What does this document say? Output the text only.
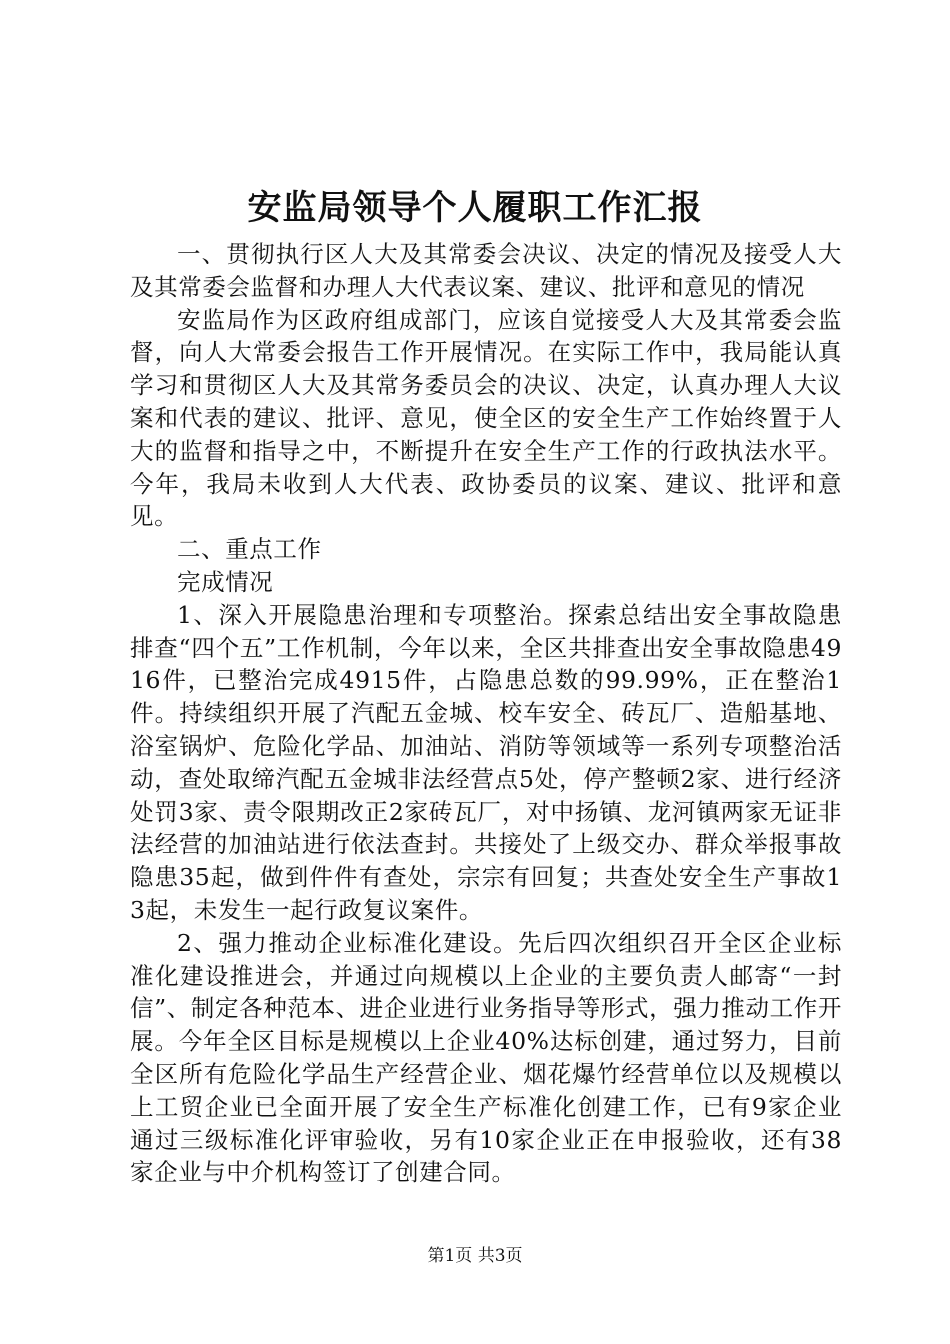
安监局领导个人履职工作汇报

一、贯彻执行区人大及其常委会决议、决定的情况及接受人大及其常委会监督和办理人大代表议案、建议、批评和意见的情况

安监局作为区政府组成部门，应该自觉接受人大及其常委会监督，向人大常委会报告工作开展情况。在实际工作中，我局能认真学习和贯彻区人大及其常务委员会的决议、决定，认真办理人大议案和代表的建议、批评、意见，使全区的安全生产工作始终置于人大的监督和指导之中，不断提升在安全生产工作的行政执法水平。今年，我局未收到人大代表、政协委员的议案、建议、批评和意见。

二、重点工作

完成情况

1、深入开展隐患治理和专项整治。探索总结出安全事故隐患排查“四个五”工作机制，今年以来，全区共排查出安全事故隐患4916件，已整治完成4915件，占隐患总数的99.99%，正在整治1件。持续组织开展了汽配五金城、校车安全、砖瓦厂、造船基地、浴室锅炉、危险化学品、加油站、消防等领域等一系列专项整治活动，查处取缔汽配五金城非法经营点5处，停产整顿2家、进行经济处罚3家、责令限期改正2家砖瓦厂，对中扬镇、龙河镇两家无证非法经营的加油站进行依法查封。共接处了上级交办、群众举报事故隐患35起，做到件件有查处，宗宗有回复；共查处安全生产事故13起，未发生一起行政复议案件。

2、强力推动企业标准化建设。先后四次组织召开全区企业标准化建设推进会，并通过向规模以上企业的主要负责人邮寄“一封信”、制定各种范本、进企业进行业务指导等形式，强力推动工作开展。今年全区目标是规模以上企业40%达标创建，通过努力，目前全区所有危险化学品生产经营企业、烟花爆竹经营单位以及规模以上工贸企业已全面开展了安全生产标准化创建工作，已有9家企业通过三级标准化评审验收，另有10家企业正在申报验收，还有38家企业与中介机构签订了创建合同。

第1页 共3页
